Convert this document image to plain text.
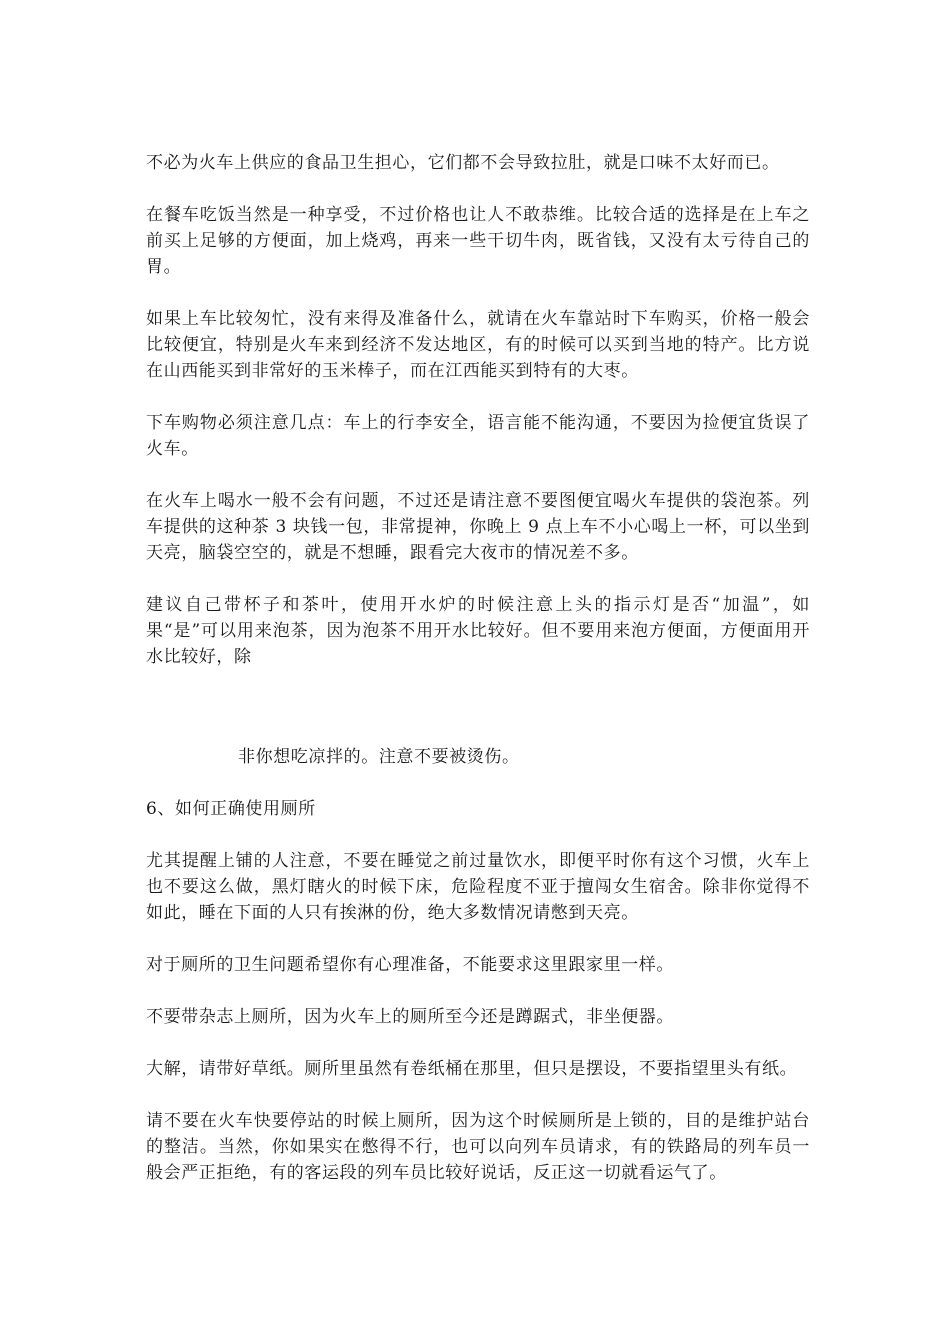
不必为火车上供应的食品卫生担心，它们都不会导致拉肚，就是口味不太好而已。

在餐车吃饭当然是一种享受，不过价格也让人不敢恭维。比较合适的选择是在上车之前买上足够的方便面，加上烧鸡，再来一些干切牛肉，既省钱，又没有太亏待自己的胃。

如果上车比较匆忙，没有来得及准备什么，就请在火车靠站时下车购买，价格一般会比较便宜，特别是火车来到经济不发达地区，有的时候可以买到当地的特产。比方说在山西能买到非常好的玉米棒子，而在江西能买到特有的大枣。

下车购物必须注意几点：车上的行李安全，语言能不能沟通，不要因为捡便宜货误了火车。

在火车上喝水一般不会有问题，不过还是请注意不要图便宜喝火车提供的袋泡茶。列车提供的这种茶 3 块钱一包，非常提神，你晚上 9 点上车不小心喝上一杯，可以坐到天亮，脑袋空空的，就是不想睡，跟看完大夜市的情况差不多。

建议自己带杯子和茶叶，使用开水炉的时候注意上头的指示灯是否“加温”，如果“是”可以用来泡茶，因为泡茶不用开水比较好。但不要用来泡方便面，方便面用开水比较好，除

非你想吃凉拌的。注意不要被烫伤。

6、如何正确使用厕所

尤其提醒上铺的人注意，不要在睡觉之前过量饮水，即便平时你有这个习惯，火车上也不要这么做，黑灯瞎火的时候下床，危险程度不亚于擅闯女生宿舍。除非你觉得不如此，睡在下面的人只有挨淋的份，绝大多数情况请憋到天亮。

对于厕所的卫生问题希望你有心理准备，不能要求这里跟家里一样。

不要带杂志上厕所，因为火车上的厕所至今还是蹲踞式，非坐便器。

大解，请带好草纸。厕所里虽然有卷纸桶在那里，但只是摆设，不要指望里头有纸。

请不要在火车快要停站的时候上厕所，因为这个时候厕所是上锁的，目的是维护站台的整洁。当然，你如果实在憋得不行，也可以向列车员请求，有的铁路局的列车员一般会严正拒绝，有的客运段的列车员比较好说话，反正这一切就看运气了。
